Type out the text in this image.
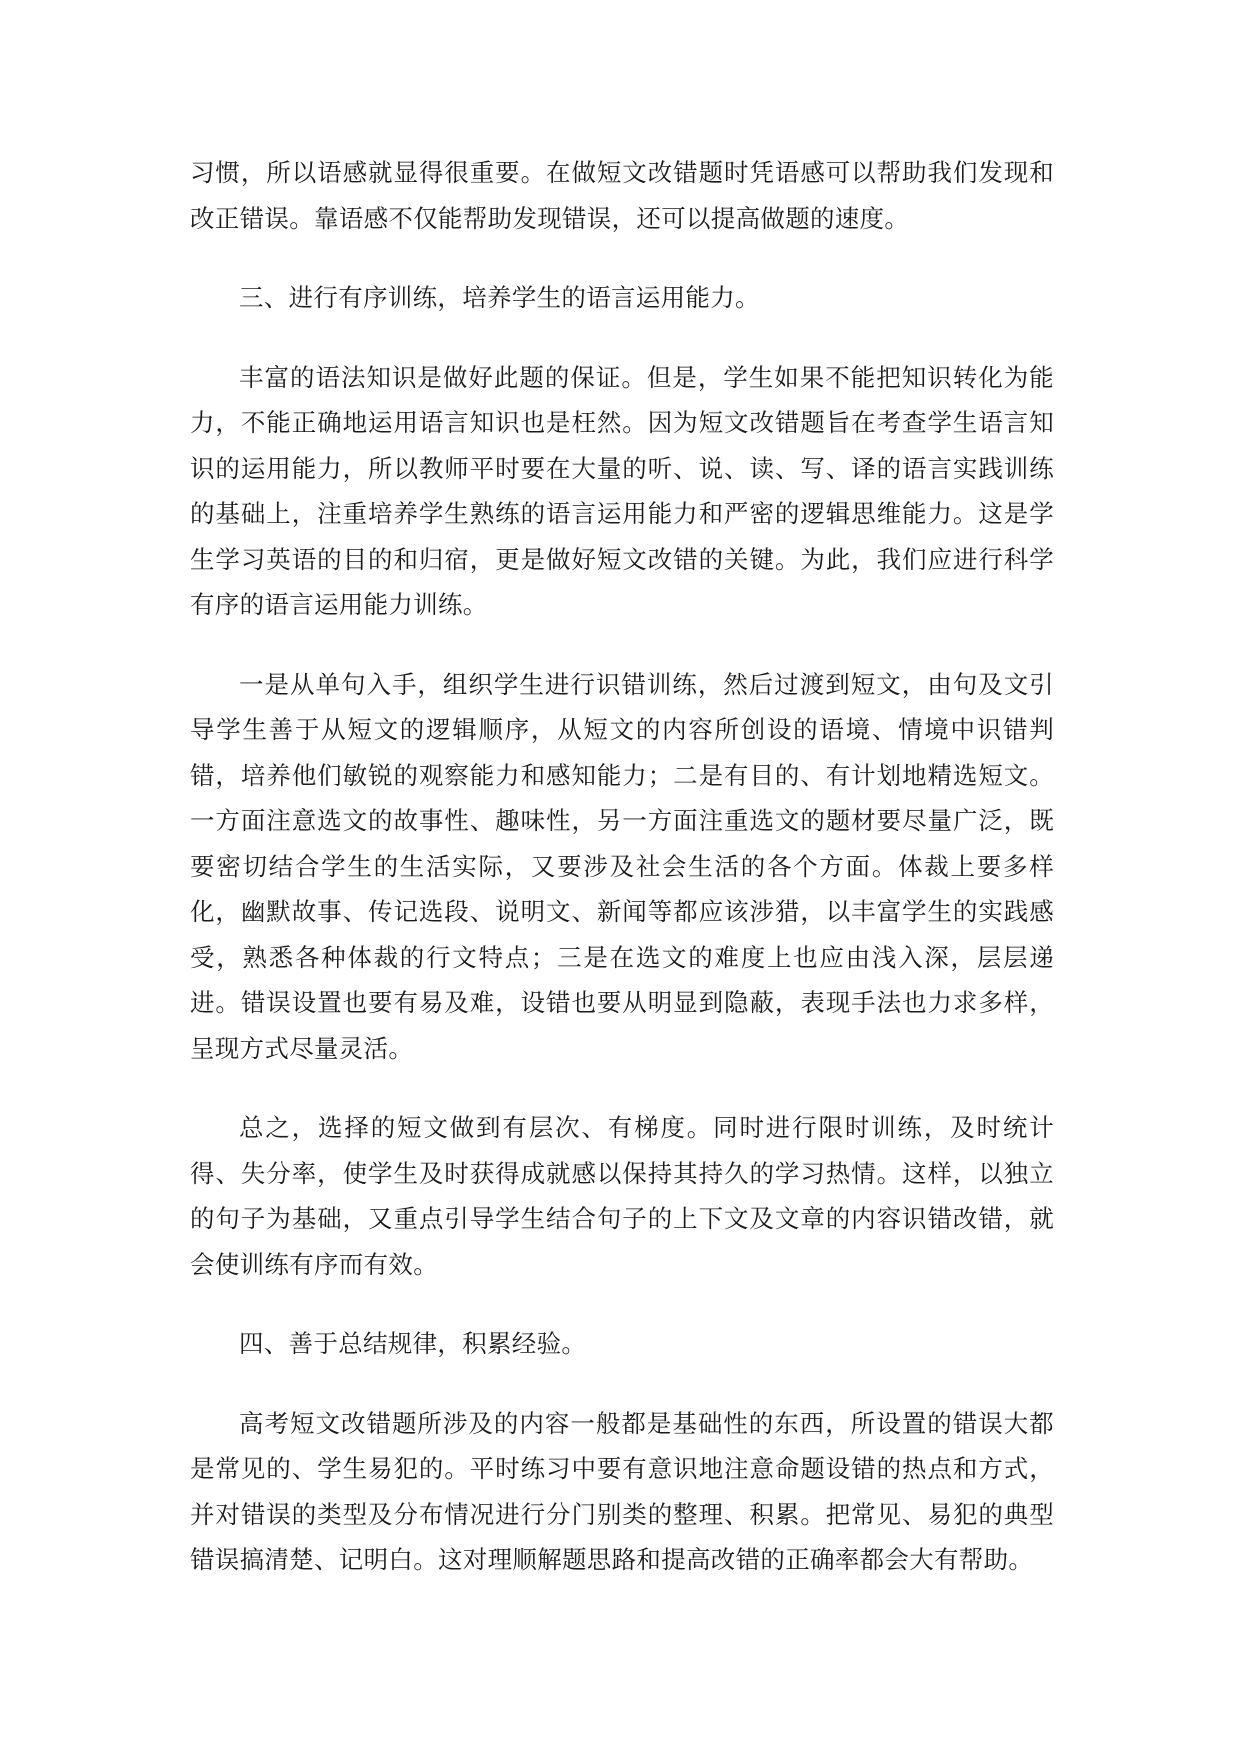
习惯，所以语感就显得很重要。在做短文改错题时凭语感可以帮助我们发现和改正错误。靠语感不仅能帮助发现错误，还可以提高做题的速度。

三、进行有序训练，培养学生的语言运用能力。

丰富的语法知识是做好此题的保证。但是，学生如果不能把知识转化为能力，不能正确地运用语言知识也是枉然。因为短文改错题旨在考查学生语言知识的运用能力，所以教师平时要在大量的听、说、读、写、译的语言实践训练的基础上，注重培养学生熟练的语言运用能力和严密的逻辑思维能力。这是学生学习英语的目的和归宿，更是做好短文改错的关键。为此，我们应进行科学有序的语言运用能力训练。

一是从单句入手，组织学生进行识错训练，然后过渡到短文，由句及文引导学生善于从短文的逻辑顺序，从短文的内容所创设的语境、情境中识错判错，培养他们敏锐的观察能力和感知能力；二是有目的、有计划地精选短文。一方面注意选文的故事性、趣味性，另一方面注重选文的题材要尽量广泛，既要密切结合学生的生活实际，又要涉及社会生活的各个方面。体裁上要多样化，幽默故事、传记选段、说明文、新闻等都应该涉猎，以丰富学生的实践感受，熟悉各种体裁的行文特点；三是在选文的难度上也应由浅入深，层层递进。错误设置也要有易及难，设错也要从明显到隐蔽，表现手法也力求多样，呈现方式尽量灵活。

总之，选择的短文做到有层次、有梯度。同时进行限时训练，及时统计得、失分率，使学生及时获得成就感以保持其持久的学习热情。这样，以独立的句子为基础，又重点引导学生结合句子的上下文及文章的内容识错改错，就会使训练有序而有效。

四、善于总结规律，积累经验。

高考短文改错题所涉及的内容一般都是基础性的东西，所设置的错误大都是常见的、学生易犯的。平时练习中要有意识地注意命题设错的热点和方式，并对错误的类型及分布情况进行分门别类的整理、积累。把常见、易犯的典型错误搞清楚、记明白。这对理顺解题思路和提高改错的正确率都会大有帮助。
